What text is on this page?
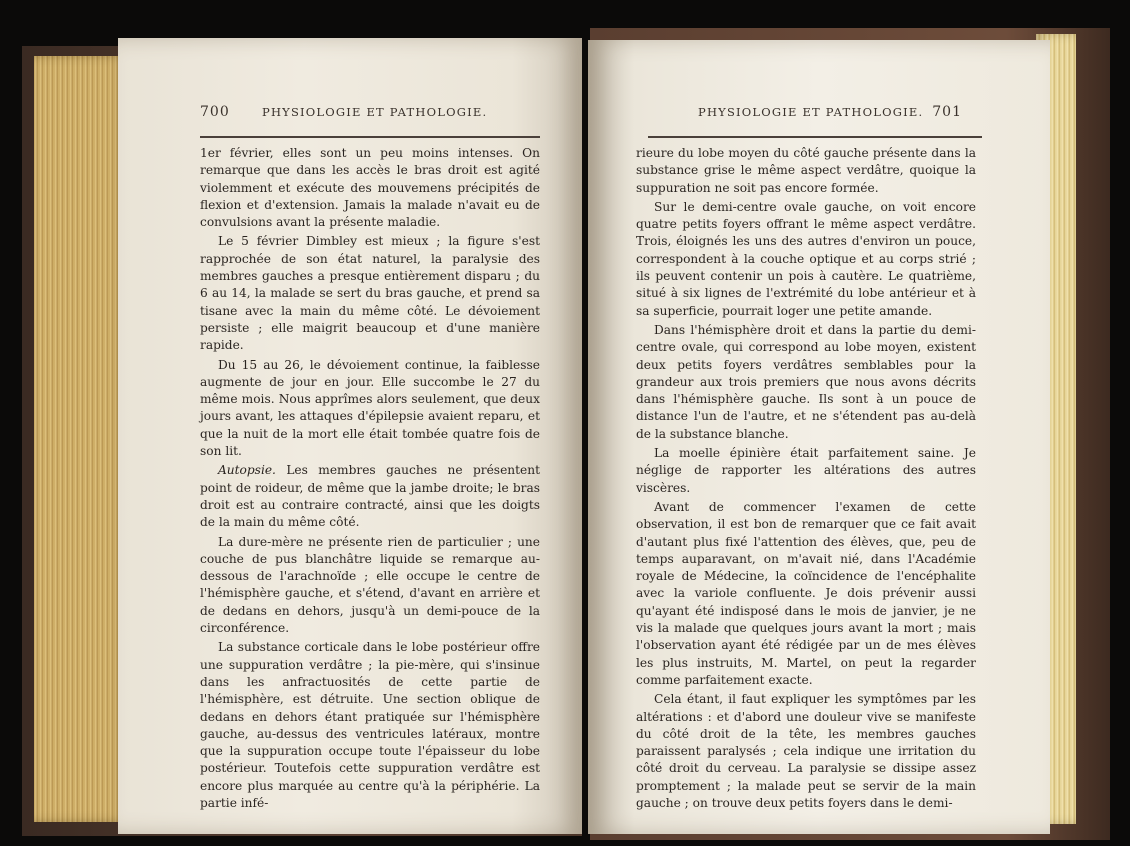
700	PHYSIOLOGIE ET PATHOLOGIE.

1er février, elles sont un peu moins intenses. On remarque que dans les accès le bras droit est agité violemment et exécute des mouvemens précipités de flexion et d'extension. Jamais la malade n'avait eu de convulsions avant la présente maladie.

Le 5 février Dimbley est mieux ; la figure s'est rapprochée de son état naturel, la paralysie des membres gauches a presque entièrement disparu ; du 6 au 14, la malade se sert du bras gauche, et prend sa tisane avec la main du même côté. Le dévoiement persiste ; elle maigrit beaucoup et d'une manière rapide.

Du 15 au 26, le dévoiement continue, la faiblesse augmente de jour en jour. Elle succombe le 27 du même mois. Nous apprîmes alors seulement, que deux jours avant, les attaques d'épilepsie avaient reparu, et que la nuit de la mort elle était tombée quatre fois de son lit.

Autopsie. Les membres gauches ne présentent point de roideur, de même que la jambe droite; le bras droit est au contraire contracté, ainsi que les doigts de la main du même côté.

La dure-mère ne présente rien de particulier ; une couche de pus blanchâtre liquide se remarque au-dessous de l'arachnoïde ; elle occupe le centre de l'hémisphère gauche, et s'étend, d'avant en arrière et de dedans en dehors, jusqu'à un demi-pouce de la circonférence.

La substance corticale dans le lobe postérieur offre une suppuration verdâtre ; la pie-mère, qui s'insinue dans les anfractuosités de cette partie de l'hémisphère, est détruite. Une section oblique de dedans en dehors étant pratiquée sur l'hémisphère gauche, au-dessus des ventricules latéraux, montre que la suppuration occupe toute l'épaisseur du lobe postérieur. Toutefois cette suppuration verdâtre est encore plus marquée au centre qu'à la périphérie. La partie infé-

PHYSIOLOGIE ET PATHOLOGIE. 701

rieure du lobe moyen du côté gauche présente dans la substance grise le même aspect verdâtre, quoique la suppuration ne soit pas encore formée.

Sur le demi-centre ovale gauche, on voit encore quatre petits foyers offrant le même aspect verdâtre. Trois, éloignés les uns des autres d'environ un pouce, correspondent à la couche optique et au corps strié ; ils peuvent contenir un pois à cautère. Le quatrième, situé à six lignes de l'extrémité du lobe antérieur et à sa superficie, pourrait loger une petite amande.

Dans l'hémisphère droit et dans la partie du demi-centre ovale, qui correspond au lobe moyen, existent deux petits foyers verdâtres semblables pour la grandeur aux trois premiers que nous avons décrits dans l'hémisphère gauche. Ils sont à un pouce de distance l'un de l'autre, et ne s'étendent pas au-delà de la substance blanche.

La moelle épinière était parfaitement saine. Je néglige de rapporter les altérations des autres viscères.

Avant de commencer l'examen de cette observation, il est bon de remarquer que ce fait avait d'autant plus fixé l'attention des élèves, que, peu de temps auparavant, on m'avait nié, dans l'Académie royale de Médecine, la coïncidence de l'encéphalite avec la variole confluente. Je dois prévenir aussi qu'ayant été indisposé dans le mois de janvier, je ne vis la malade que quelques jours avant la mort ; mais l'observation ayant été rédigée par un de mes élèves les plus instruits, M. Martel, on peut la regarder comme parfaitement exacte.

Cela étant, il faut expliquer les symptômes par les altérations : et d'abord une douleur vive se manifeste du côté droit de la tête, les membres gauches paraissent paralysés ; cela indique une irritation du côté droit du cerveau. La paralysie se dissipe assez promptement ; la malade peut se servir de la main gauche ; on trouve deux petits foyers dans le demi-
